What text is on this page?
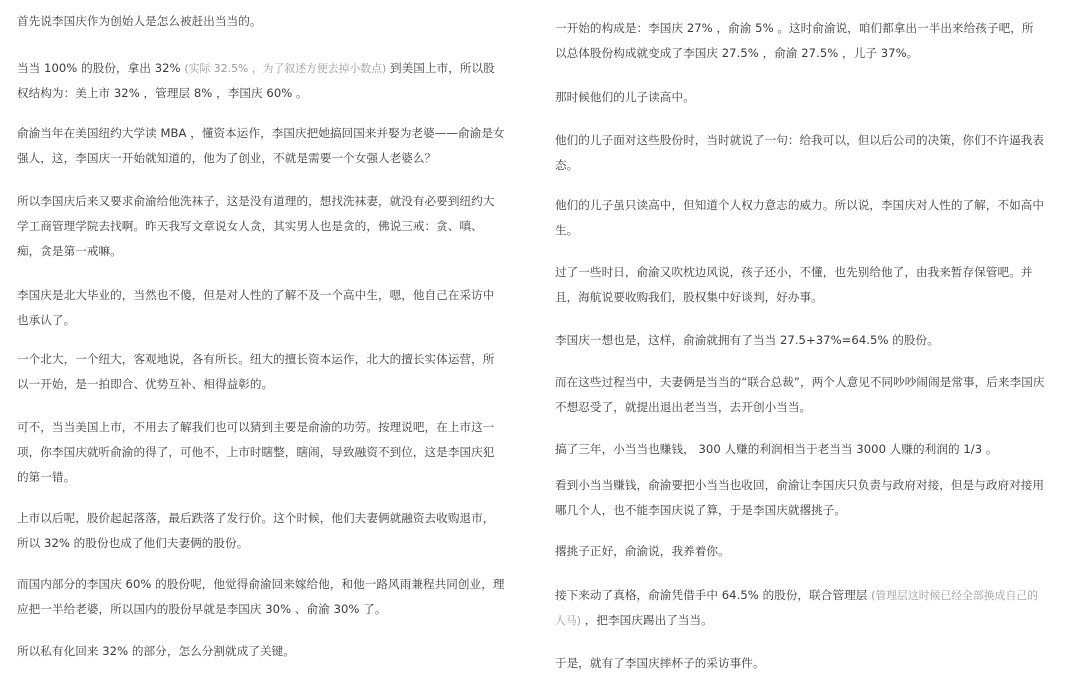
首先说李国庆作为创始人是怎么被赶出当当的。

当当 100% 的股份，拿出 32% (实际 32.5% ，为了叙述方便去掉小数点) 到美国上市，所以股权结构为：美上市 32% ，管理层 8% ，李国庆 60% 。

俞渝当年在美国纽约大学读 MBA ，懂资本运作，李国庆把她搞回国来并娶为老婆——俞渝是女强人，这，李国庆一开始就知道的，他为了创业，不就是需要一个女强人老婆么？

所以李国庆后来又要求俞渝给他洗袜子，这是没有道理的，想找洗袜妻，就没有必要到纽约大学工商管理学院去找啊。昨天我写文章说女人贪，其实男人也是贪的，佛说三戒：贪、嗔、痴，贪是第一戒嘛。

李国庆是北大毕业的，当然也不傻，但是对人性的了解不及一个高中生，嗯，他自己在采访中也承认了。

一个北大，一个纽大，客观地说，各有所长。纽大的擅长资本运作，北大的擅长实体运营，所以一开始，是一拍即合、优势互补、相得益彰的。

可不，当当美国上市，不用去了解我们也可以猜到主要是俞渝的功劳。按理说吧，在上市这一项，你李国庆就听俞渝的得了，可他不，上市时瞎整，瞎闹，导致融资不到位，这是李国庆犯的第一错。

上市以后呢，股价起起落落，最后跌落了发行价。这个时候，他们夫妻俩就融资去收购退市，所以 32% 的股份也成了他们夫妻俩的股份。

而国内部分的李国庆 60% 的股份呢，他觉得俞渝回来嫁给他，和他一路风雨兼程共同创业，理应把一半给老婆，所以国内的股份早就是李国庆 30% 、俞渝 30% 了。

所以私有化回来 32% 的部分，怎么分割就成了关键。

一开始的构成是：李国庆 27% ，俞渝 5% 。这时俞渝说，咱们都拿出一半出来给孩子吧，所以总体股份构成就变成了李国庆 27.5% ，俞渝 27.5% ，儿子 37%。

那时候他们的儿子读高中。

他们的儿子面对这些股份时，当时就说了一句：给我可以，但以后公司的决策，你们不许逼我表态。

他们的儿子虽只读高中，但知道个人权力意志的威力。所以说，李国庆对人性的了解，不如高中生。

过了一些时日，俞渝又吹枕边风说，孩子还小，不懂，也先别给他了，由我来暂存保管吧。并且，海航说要收购我们，股权集中好谈判，好办事。

李国庆一想也是，这样，俞渝就拥有了当当 27.5+37%=64.5% 的股份。

而在这些过程当中，夫妻俩是当当的“联合总裁”，两个人意见不同吵吵闹闹是常事，后来李国庆不想忍受了，就提出退出老当当，去开创小当当。

搞了三年，小当当也赚钱， 300 人赚的利润相当于老当当 3000 人赚的利润的 1/3 。

看到小当当赚钱，俞渝要把小当当也收回，俞渝让李国庆只负责与政府对接，但是与政府对接用哪几个人，也不能李国庆说了算，于是李国庆就撂挑子。

撂挑子正好，俞渝说，我养着你。

接下来动了真格，俞渝凭借手中 64.5% 的股份，联合管理层 (管理层这时候已经全部换成自己的人马) ，把李国庆踢出了当当。

于是，就有了李国庆摔杯子的采访事件。
